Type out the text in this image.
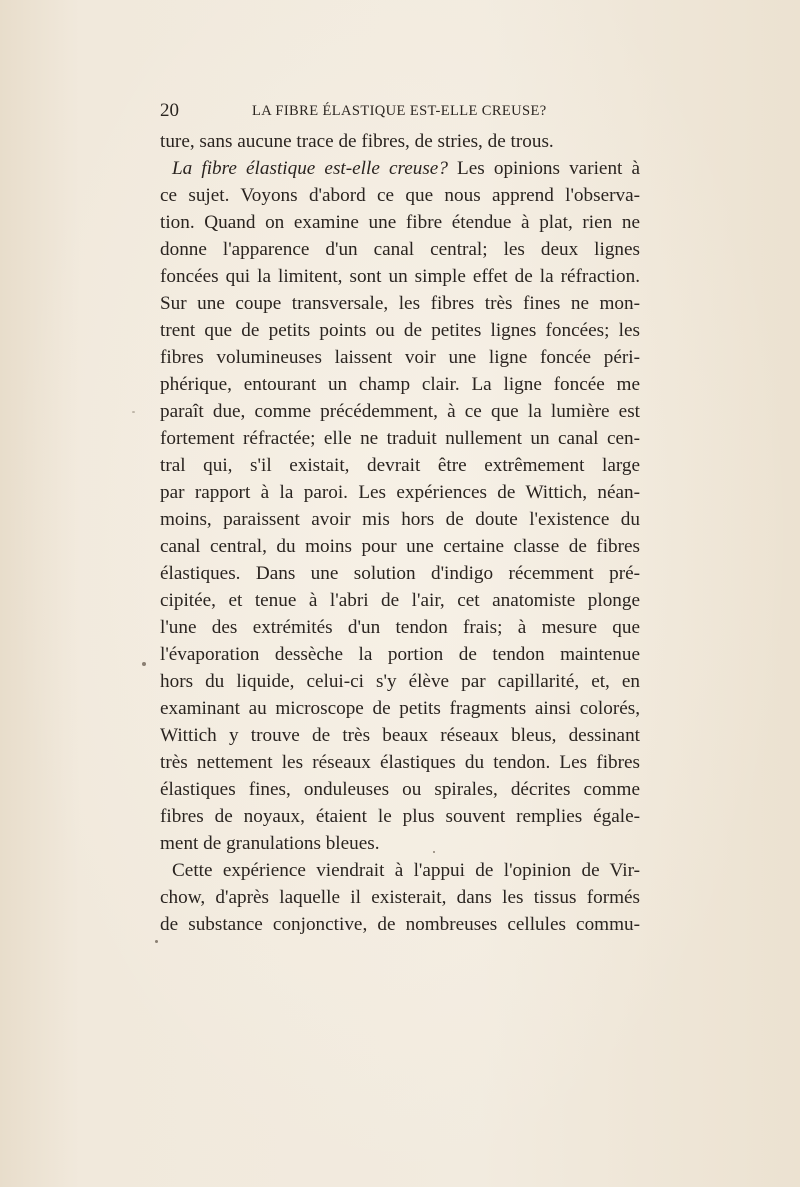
20	LA FIBRE ÉLASTIQUE EST-ELLE CREUSE?
ture, sans aucune trace de fibres, de stries, de trous.
La fibre élastique est-elle creuse? Les opinions varient à
ce sujet. Voyons d'abord ce que nous apprend l'observa-
tion. Quand on examine une fibre étendue à plat, rien ne
donne l'apparence d'un canal central; les deux lignes
foncées qui la limitent, sont un simple effet de la réfraction.
Sur une coupe transversale, les fibres très fines ne mon-
trent que de petits points ou de petites lignes foncées; les
fibres volumineuses laissent voir une ligne foncée péri-
phérique, entourant un champ clair. La ligne foncée me
paraît due, comme précédemment, à ce que la lumière est
fortement réfractée; elle ne traduit nullement un canal cen-
tral qui, s'il existait, devrait être extrêmement large
par rapport à la paroi. Les expériences de Wittich, néan-
moins, paraissent avoir mis hors de doute l'existence du
canal central, du moins pour une certaine classe de fibres
élastiques. Dans une solution d'indigo récemment pré-
cipitée, et tenue à l'abri de l'air, cet anatomiste plonge
l'une des extrémités d'un tendon frais; à mesure que
l'évaporation dessèche la portion de tendon maintenue
hors du liquide, celui-ci s'y élève par capillarité, et, en
examinant au microscope de petits fragments ainsi colorés,
Wittich y trouve de très beaux réseaux bleus, dessinant
très nettement les réseaux élastiques du tendon. Les fibres
élastiques fines, onduleuses ou spirales, décrites comme
fibres de noyaux, étaient le plus souvent remplies égale-
ment de granulations bleues.
Cette expérience viendrait à l'appui de l'opinion de Vir-
chow, d'après laquelle il existerait, dans les tissus formés
de substance conjonctive, de nombreuses cellules commu-
